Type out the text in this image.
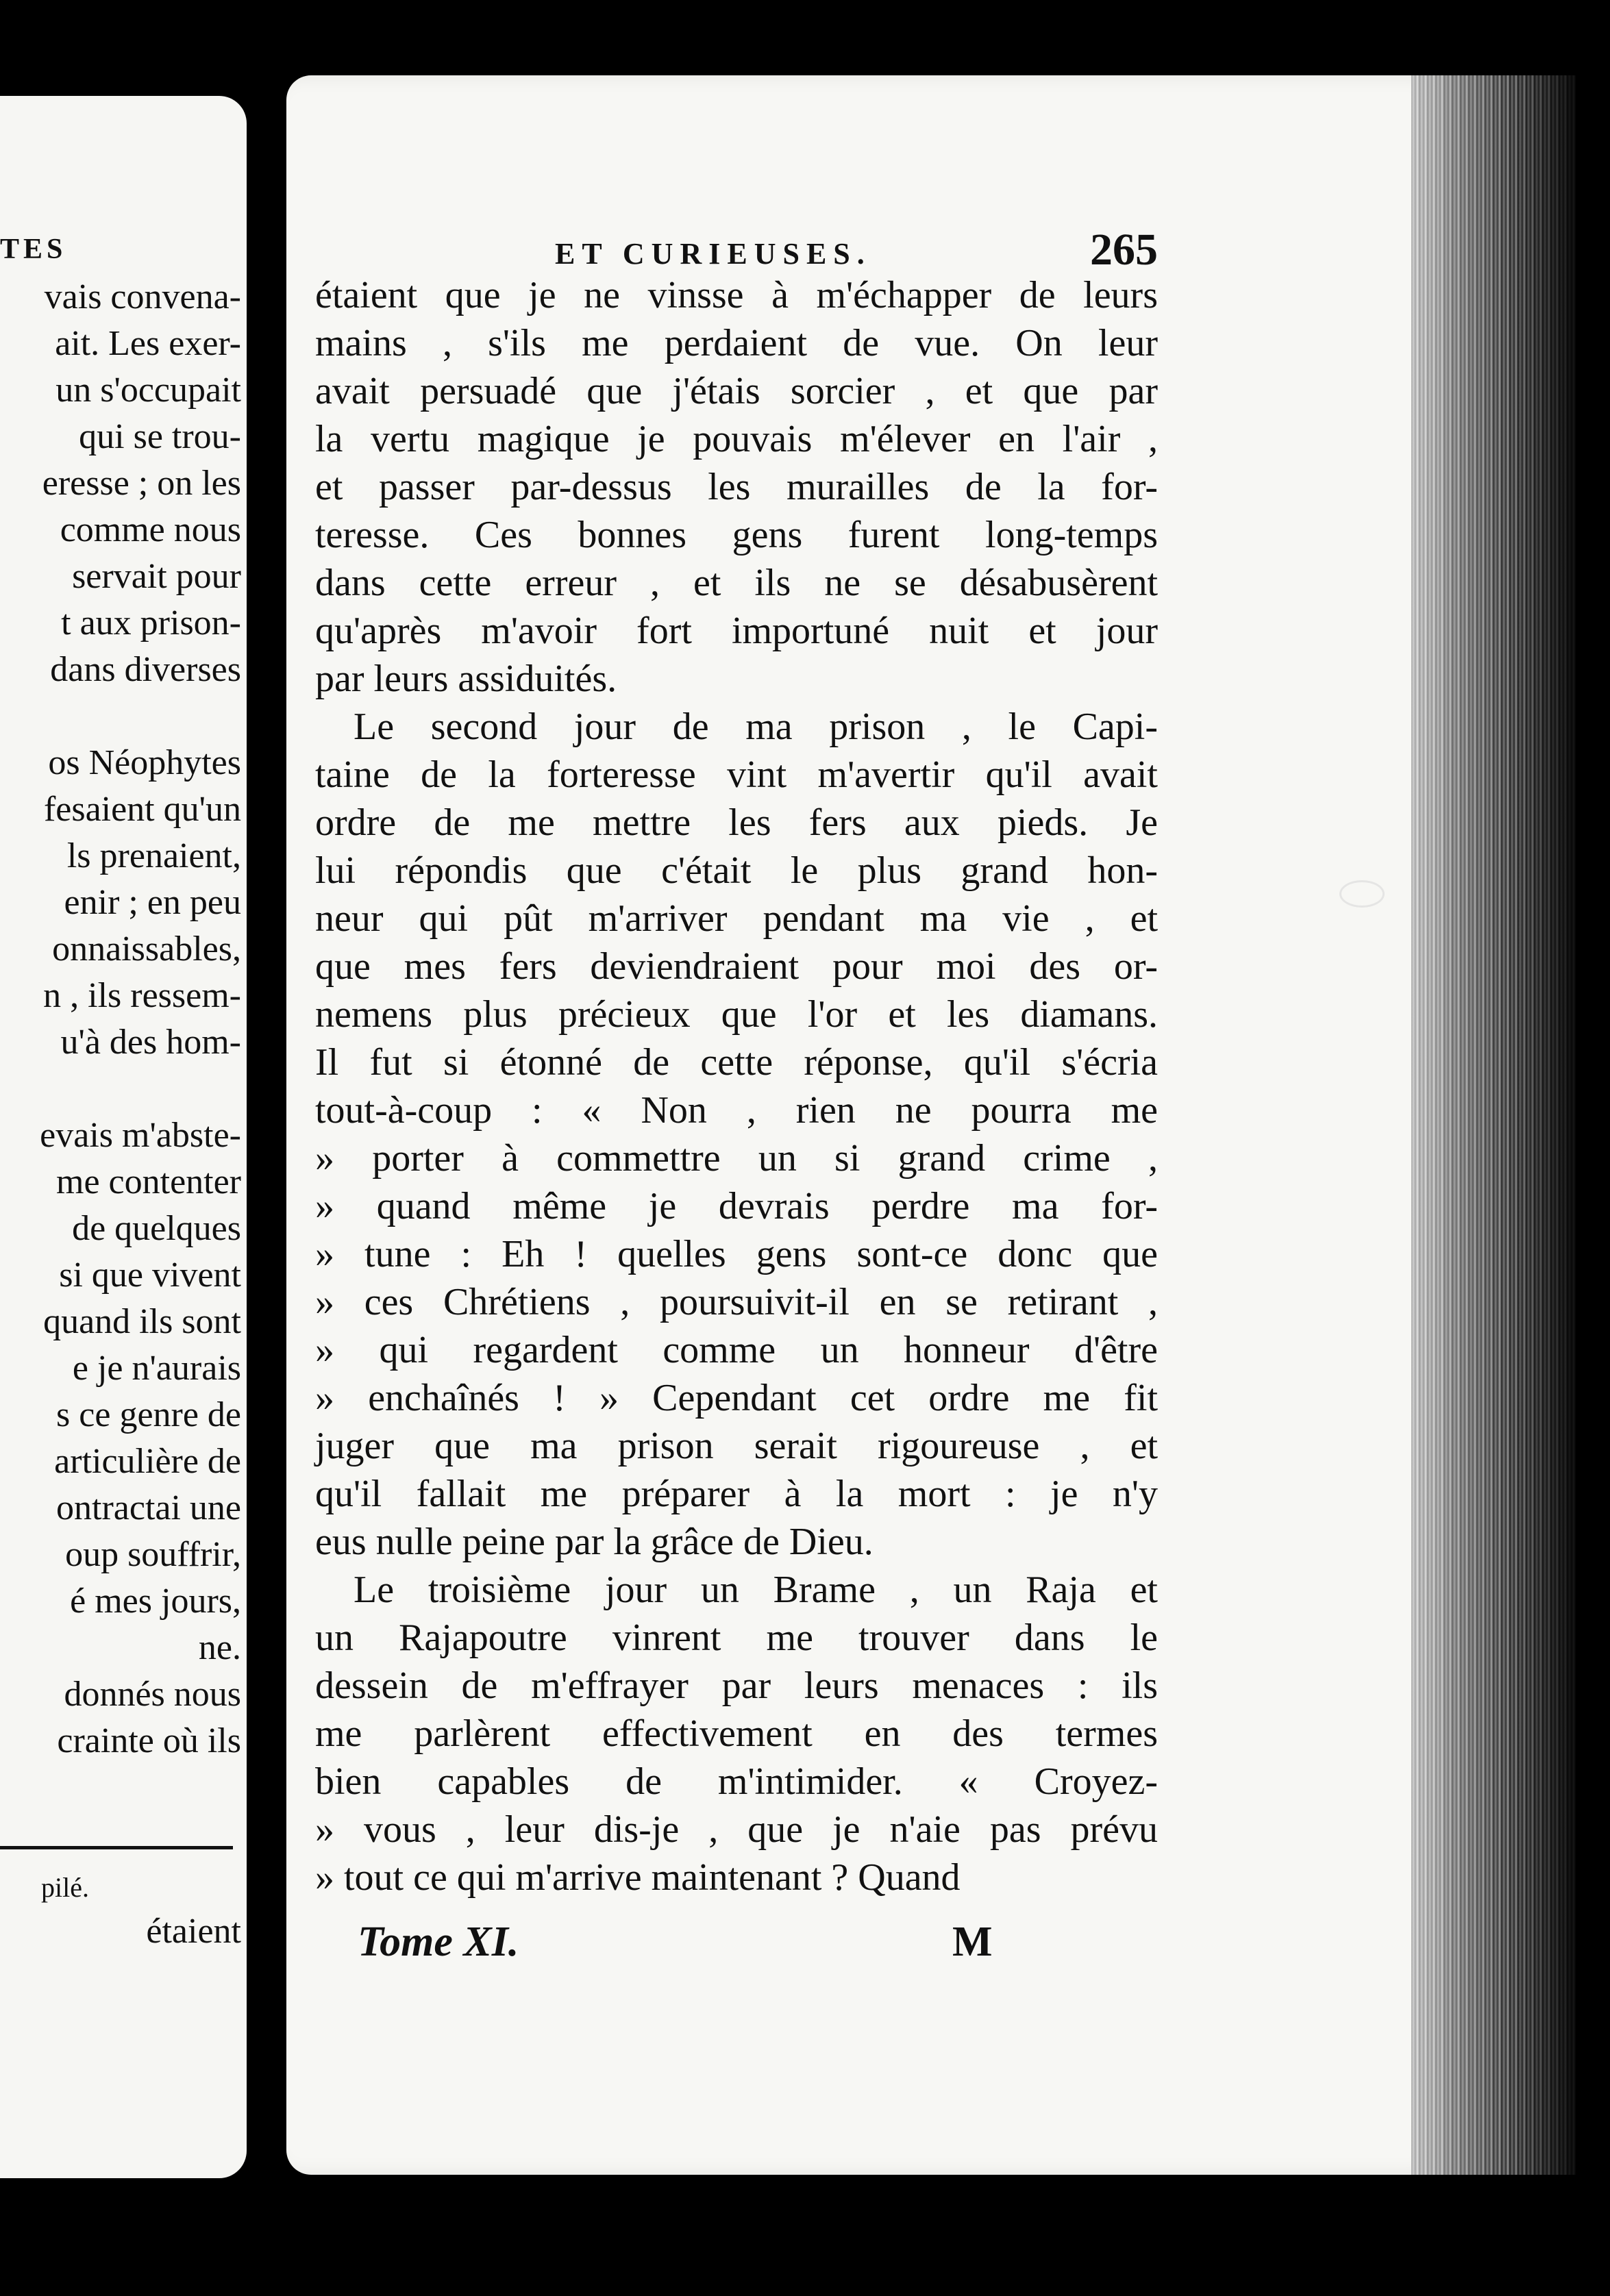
TES
vais convena-
ait. Les exer-
un s'occupait
qui se trou-
eresse ; on les
comme nous
servait pour
t aux prison-
dans diverses
os Néophytes
fesaient qu'un
ls prenaient,
enir ; en peu
onnaissables,
n , ils ressem-
u'à des hom-
evais m'abste-
me contenter
de quelques
si que vivent
quand ils sont
e je n'aurais
s ce genre de
articulière de
ontractai une
oup souffrir,
é mes jours,
ne.
donnés nous
crainte où ils
pilé.
étaient
ET CURIEUSES.	265
étaient que je ne vinsse à m'échapper de leurs
mains , s'ils me perdaient de vue. On leur
avait persuadé que j'étais sorcier , et que par
la vertu magique je pouvais m'élever en l'air ,
et passer par-dessus les murailles de la for-
teresse. Ces bonnes gens furent long-temps
dans cette erreur , et ils ne se désabusèrent
qu'après m'avoir fort importuné nuit et jour
par leurs assiduités.
Le second jour de ma prison , le Capi-
taine de la forteresse vint m'avertir qu'il avait
ordre de me mettre les fers aux pieds. Je
lui répondis que c'était le plus grand hon-
neur qui pût m'arriver pendant ma vie , et
que mes fers deviendraient pour moi des or-
nemens plus précieux que l'or et les diamans.
Il fut si étonné de cette réponse, qu'il s'écria
tout-à-coup : « Non , rien ne pourra me
» porter à commettre un si grand crime ,
» quand même je devrais perdre ma for-
» tune : Eh ! quelles gens sont-ce donc que
» ces Chrétiens , poursuivit-il en se retirant ,
» qui regardent comme un honneur d'être
» enchaînés ! » Cependant cet ordre me fit
juger que ma prison serait rigoureuse , et
qu'il fallait me préparer à la mort : je n'y
eus nulle peine par la grâce de Dieu.
Le troisième jour un Brame , un Raja et
un Rajapoutre vinrent me trouver dans le
dessein de m'effrayer par leurs menaces : ils
me parlèrent effectivement en des termes
bien capables de m'intimider. « Croyez-
» vous , leur dis-je , que je n'aie pas prévu
» tout ce qui m'arrive maintenant ? Quand
Tome XI.	M
